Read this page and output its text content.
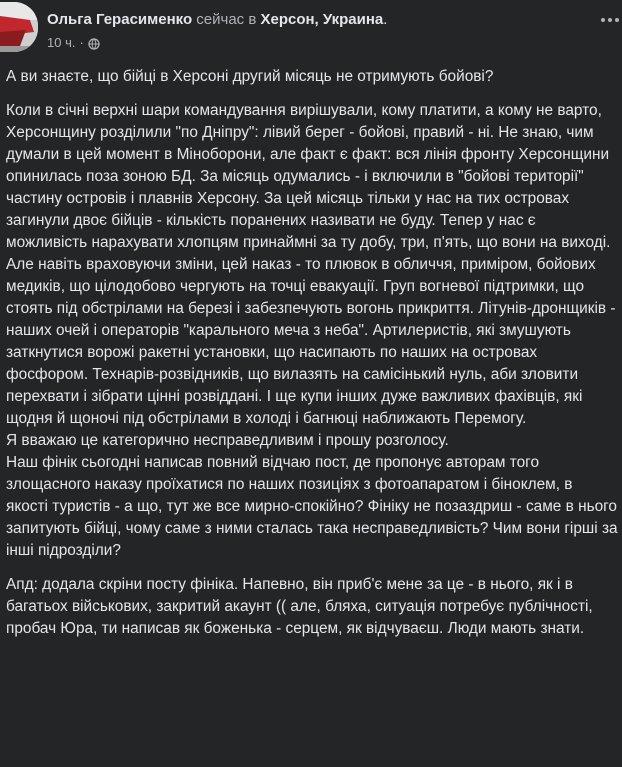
Ольга Герасименко сейчас в Херсон, Украина.
10 ч. ·

А ви знаєте, що бійці в Херсоні другий місяць не отримують бойові?

Коли в січні верхні шари командування вирішували, кому платити, а кому не варто, Херсонщину розділили "по Дніпру": лівий берег - бойові, правий - ні. Не знаю, чим думали в цей момент в Міноборони, але факт є факт: вся лінія фронту Херсонщини опинилась поза зоною БД. За місяць одумались - і включили в "бойові території" частину островів і плавнів Херсону. За цей місяць тільки у нас на тих островах загинули двоє бійців - кількість поранених називати не буду. Тепер у нас є можливість нарахувати хлопцям принаймні за ту добу, три, п'ять, що вони на виході. Але навіть враховуючи зміни, цей наказ - то плювок в обличчя, приміром, бойових медиків, що цілодобово чергують на точці евакуації. Груп вогневої підтримки, що стоять під обстрілами на березі і забезпечують вогонь прикриття. Літунів-дронщиків - наших очей і операторів "карального меча з неба". Артилеристів, які змушують заткнутися ворожі ракетні установки, що насипають по наших на островах фосфором. Технарів-розвідників, що вилазять на самісінький нуль, аби зловити перехвати і зібрати цінні розвіддані. І ще купи інших дуже важливих фахівців, які щодня й щоночі під обстрілами в холоді і багнюці наближають Перемогу.

Я вважаю це категорично несправедливим і прошу розголосу.

Наш фінік сьогодні написав повний відчаю пост, де пропонує авторам того злощасного наказу проїхатися по наших позиціях з фотоапаратом і біноклем, в якості туристів - а що, тут же все мирно-спокійно? Фініку не позаздриш - саме в нього запитують бійці, чому саме з ними сталась така несправедливість? Чим вони гірші за інші підрозділи?

Апд: додала скріни посту фініка. Напевно, він приб'є мене за це - в нього, як і в багатьох військових, закритий акаунт (( але, бляха, ситуація потребує публічності, пробач Юра, ти написав як боженька - серцем, як відчуваєш. Люди мають знати.
